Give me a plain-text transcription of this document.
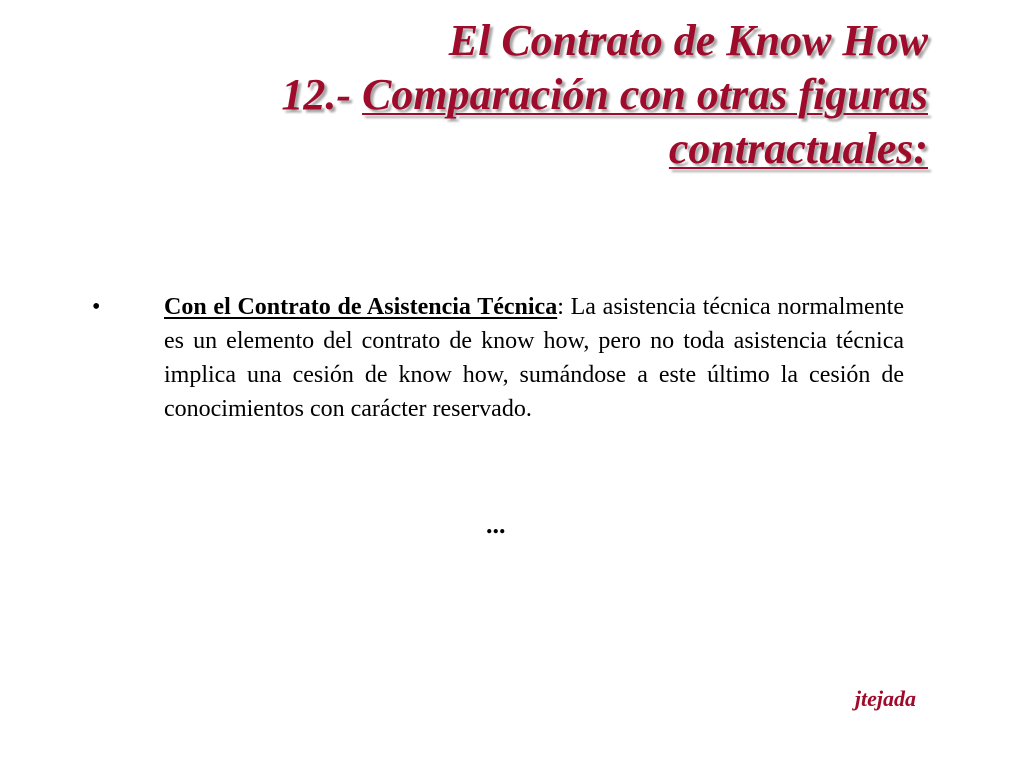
El Contrato de Know How
12.- Comparación con otras figuras
contractuales:
•	Con el Contrato de Asistencia Técnica: La asistencia técnica normalmente es un elemento del contrato de know how, pero no toda asistencia técnica implica una cesión de know how, sumándose a este último la cesión de conocimientos con carácter reservado.
...
jtejada
